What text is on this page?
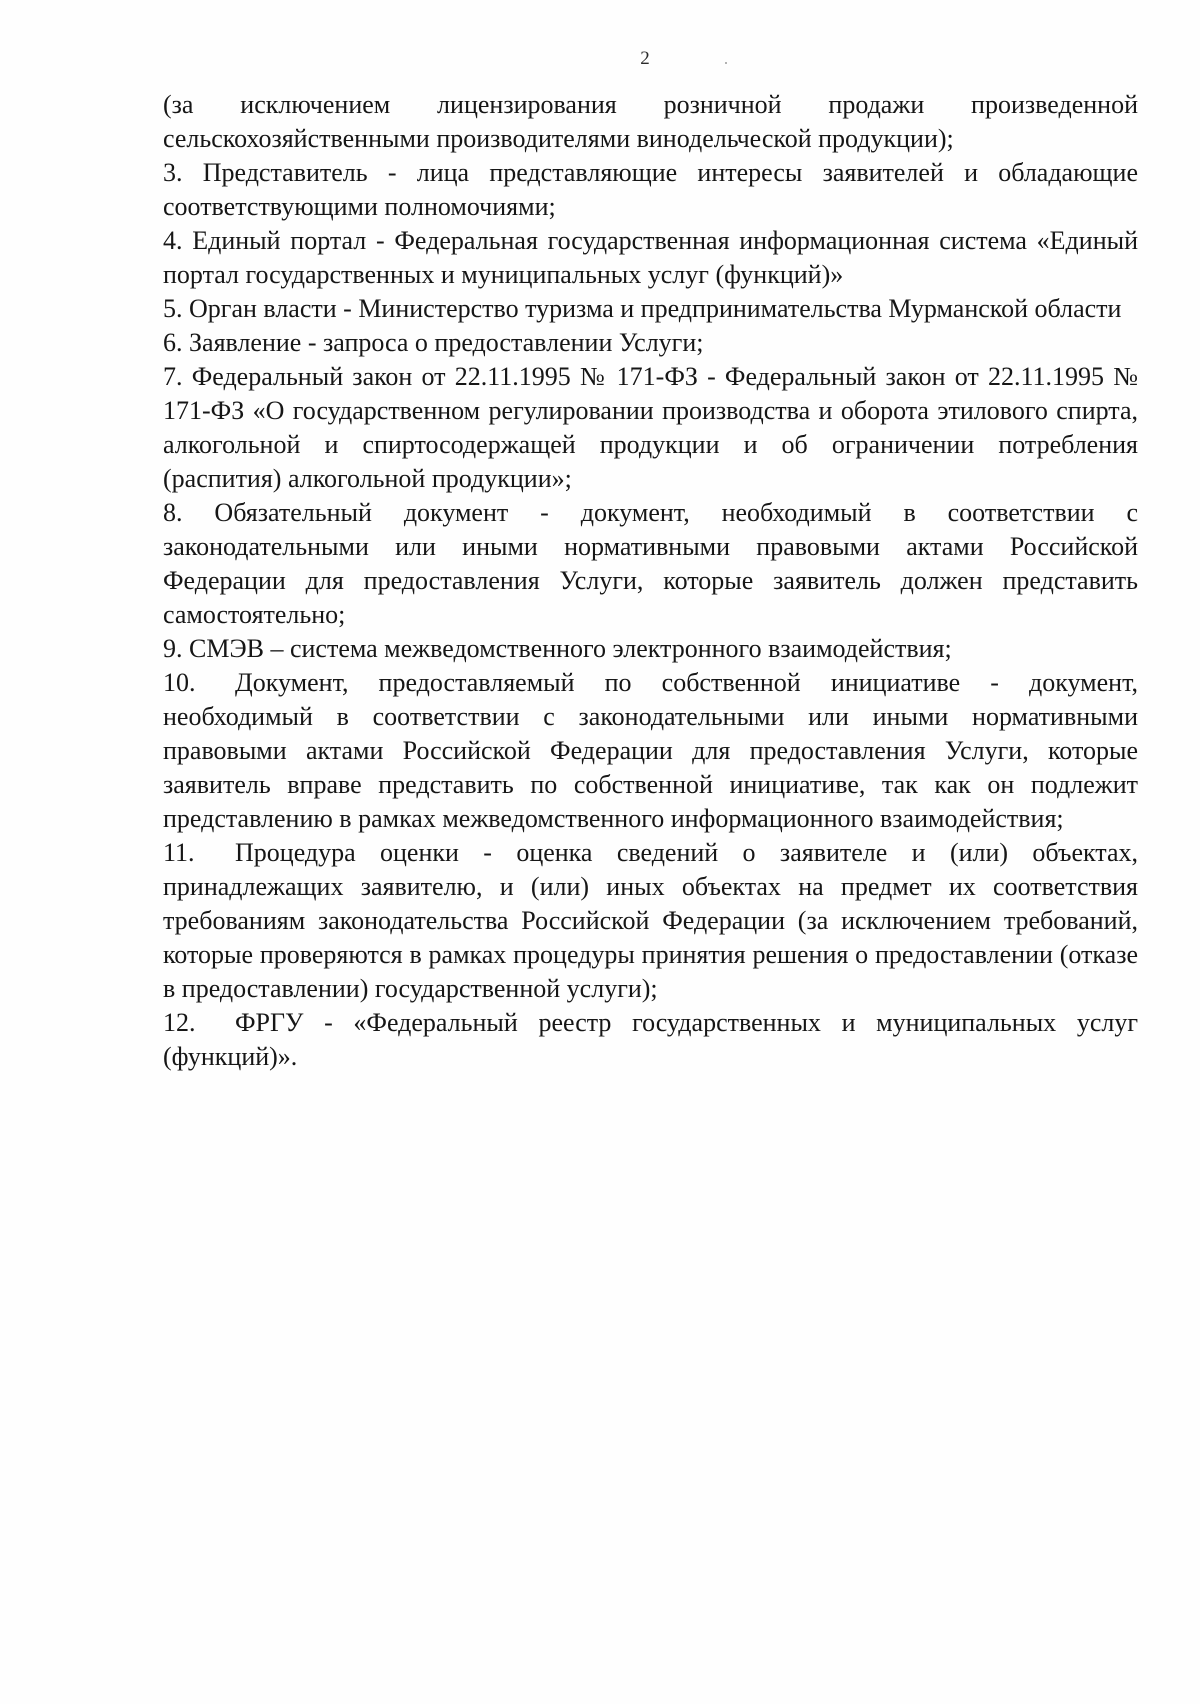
2

(за исключением лицензирования розничной продажи произведенной сельскохозяйственными производителями винодельческой продукции);

3. Представитель - лица представляющие интересы заявителей и обладающие соответствующими полномочиями;

4. Единый портал - Федеральная государственная информационная система «Единый портал государственных и муниципальных услуг (функций)»

5. Орган власти - Министерство туризма и предпринимательства Мурманской области

6. Заявление - запроса о предоставлении Услуги;

7. Федеральный закон от 22.11.1995 № 171-ФЗ - Федеральный закон от 22.11.1995 № 171-ФЗ «О государственном регулировании производства и оборота этилового спирта, алкогольной и спиртосодержащей продукции и об ограничении потребления (распития) алкогольной продукции»;

8. Обязательный документ - документ, необходимый в соответствии с законодательными или иными нормативными правовыми актами Российской Федерации для предоставления Услуги, которые заявитель должен представить самостоятельно;

9. СМЭВ – система межведомственного электронного взаимодействия;

10. Документ, предоставляемый по собственной инициативе - документ, необходимый в соответствии с законодательными или иными нормативными правовыми актами Российской Федерации для предоставления Услуги, которые заявитель вправе представить по собственной инициативе, так как он подлежит представлению в рамках межведомственного информационного взаимодействия;

11. Процедура оценки - оценка сведений о заявителе и (или) объектах, принадлежащих заявителю, и (или) иных объектах на предмет их соответствия требованиям законодательства Российской Федерации (за исключением требований, которые проверяются в рамках процедуры принятия решения о предоставлении (отказе в предоставлении) государственной услуги);

12. ФРГУ - «Федеральный реестр государственных и муниципальных услуг (функций)».
